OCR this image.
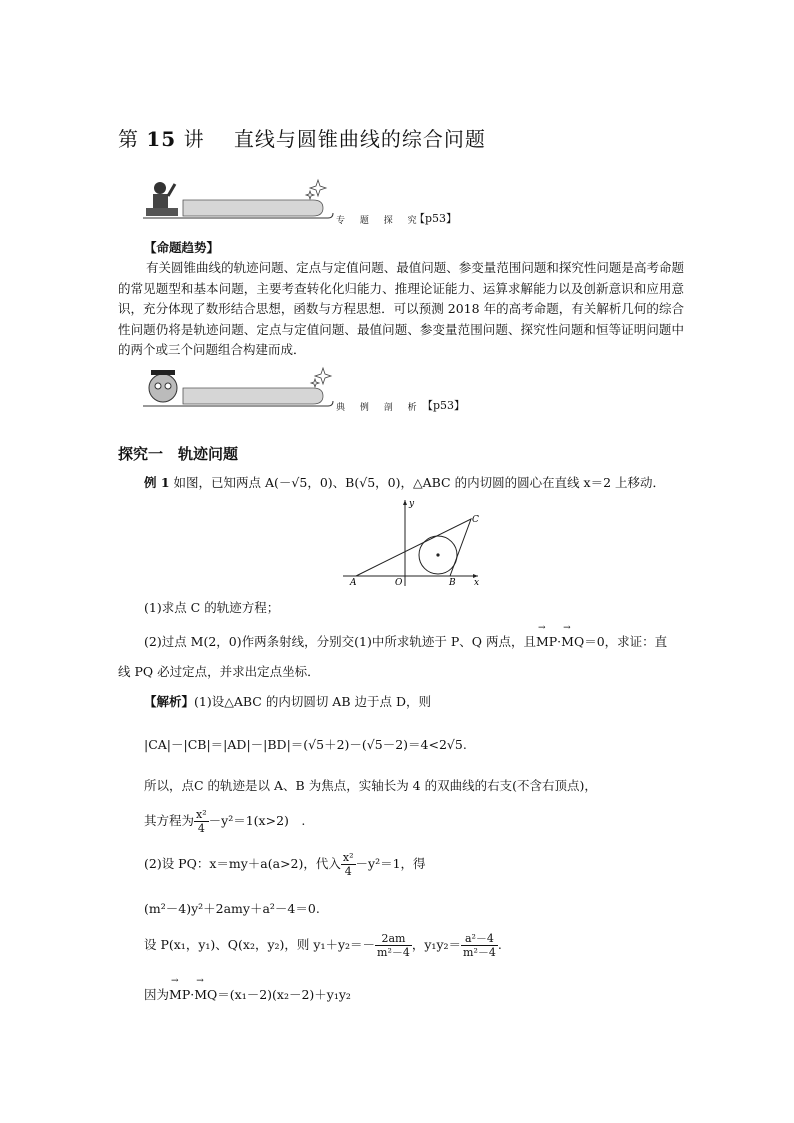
第 15 讲 直线与圆锥曲线的综合问题
专 题 探 究
【p53】
【命题趋势】
有关圆锥曲线的轨迹问题、定点与定值问题、最值问题、参变量范围问题和探究性问题是高考命题的常见题型和基本问题，主要考查转化化归能力、推理论证能力、运算求解能力以及创新意识和应用意识，充分体现了数形结合思想，函数与方程思想．可以预测 2018 年的高考命题，有关解析几何的综合性问题仍将是轨迹问题、定点与定值问题、最值问题、参变量范围问题、探究性问题和恒等证明问题中的两个或三个问题组合构建而成．
典 例 剖 析 【p53】
探究一　轨迹问题
例 1 如图，已知两点 A(－√5，0)、B(√5，0)，△ABC 的内切圆的圆心在直线 x＝2 上移动．
A	O	B
C
x
y
(1)求点 C 的轨迹方程；
(2)过点 M(2，0)作两条射线，分别交(1)中所求轨迹于 P、Q 两点，且→ MP·→ MQ＝0，求证：直
线 PQ 必过定点，并求出定点坐标．
【解析】(1)设△ABC 的内切圆切 AB 边于点 D，则
|CA|－|CB|＝|AD|－|BD|＝(√5＋2)－(√5－2)＝4<2√5.
所以，点C 的轨迹是以 A、B 为焦点，实轴长为 4 的双曲线的右支(不含右顶点)，
其方程为 $\frac{\text{x²}}{4} -y^2=1(x>2)$　.
(2)设 PQ：x＝my＋a(a>2)，代入 $\frac{\text{x²}}{4} -y^2=1$，得
(m²－4)y²＋2amy＋a²－4＝0.
设 P(x₁，y₁)、Q(x₂，y₂)，则 $y_1+y_2=- \frac{2am}{\text{m²－4}}$ ，$y_1y_2= \frac{\text{a²－4}}{\text{m²－4}}$ .
因为→ MP·→ MQ＝(x₁－2)(x₂－2)＋y₁y₂
